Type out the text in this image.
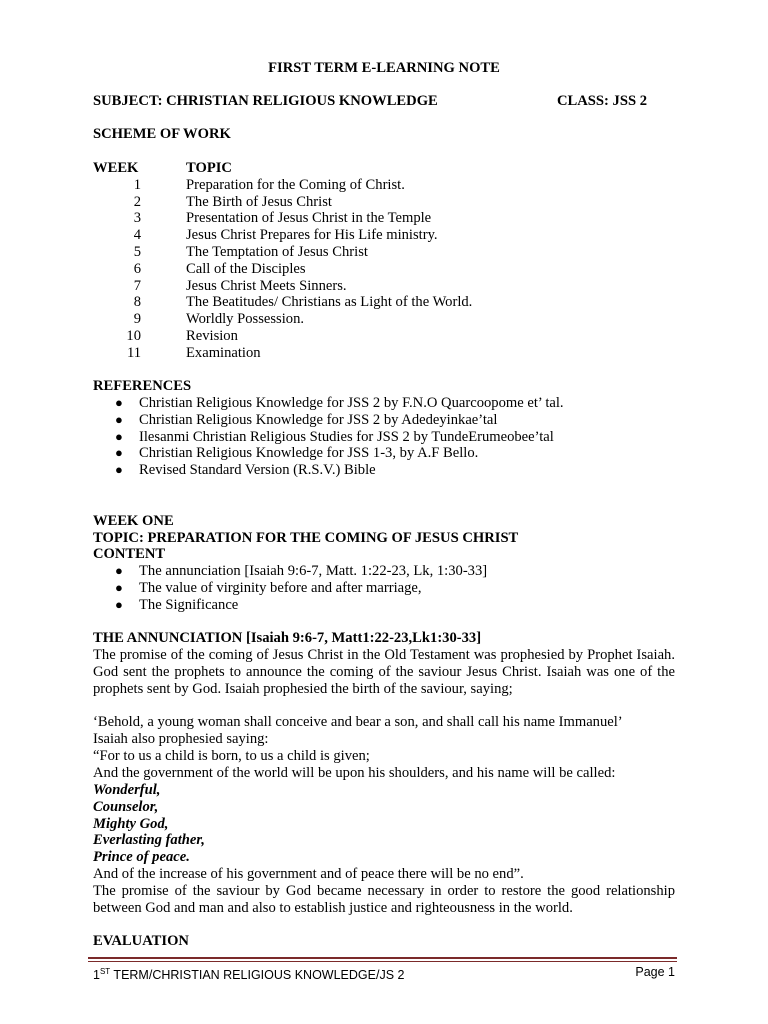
FIRST TERM E-LEARNING NOTE
SUBJECT: CHRISTIAN RELIGIOUS KNOWLEDGE	CLASS: JSS 2
SCHEME OF WORK
WEEK	TOPIC
1	Preparation for the Coming of Christ.
2	The Birth of Jesus Christ
3	Presentation of Jesus Christ in the Temple
4	Jesus Christ Prepares for His Life ministry.
5	The Temptation of Jesus Christ
6	Call of the Disciples
7	Jesus Christ Meets Sinners.
8	The Beatitudes/ Christians as Light of the World.
9	Worldly Possession.
10	Revision
11	Examination
REFERENCES
● Christian Religious Knowledge for JSS 2 by F.N.O Quarcoopome et’ tal.
● Christian Religious Knowledge for JSS 2 by Adedeyinkae’tal
● Ilesanmi Christian Religious Studies for JSS 2 by TundeErumeobee’tal
● Christian Religious Knowledge for JSS 1-3, by A.F Bello.
● Revised Standard Version (R.S.V.) Bible
WEEK ONE
TOPIC: PREPARATION FOR THE COMING OF JESUS CHRIST
CONTENT
● The annunciation [Isaiah 9:6-7, Matt. 1:22-23, Lk, 1:30-33]
● The value of virginity before and after marriage,
● The Significance
THE ANNUNCIATION [Isaiah 9:6-7, Matt1:22-23,Lk1:30-33]
The promise of the coming of Jesus Christ in the Old Testament was prophesied by Prophet Isaiah. God sent the prophets to announce the coming of the saviour Jesus Christ. Isaiah was one of the prophets sent by God. Isaiah prophesied the birth of the saviour, saying;
‘Behold, a young woman shall conceive and bear a son, and shall call his name Immanuel’
Isaiah also prophesied saying:
“For to us a child is born, to us a child is given;
And the government of the world will be upon his shoulders, and his name will be called:
Wonderful,
Counselor,
Mighty God,
Everlasting father,
Prince of peace.
And of the increase of his government and of peace there will be no end”.
The promise of the saviour by God became necessary in order to restore the good relationship between God and man and also to establish justice and righteousness in the world.
EVALUATION
1ST TERM/CHRISTIAN RELIGIOUS KNOWLEDGE/JS 2	Page 1
